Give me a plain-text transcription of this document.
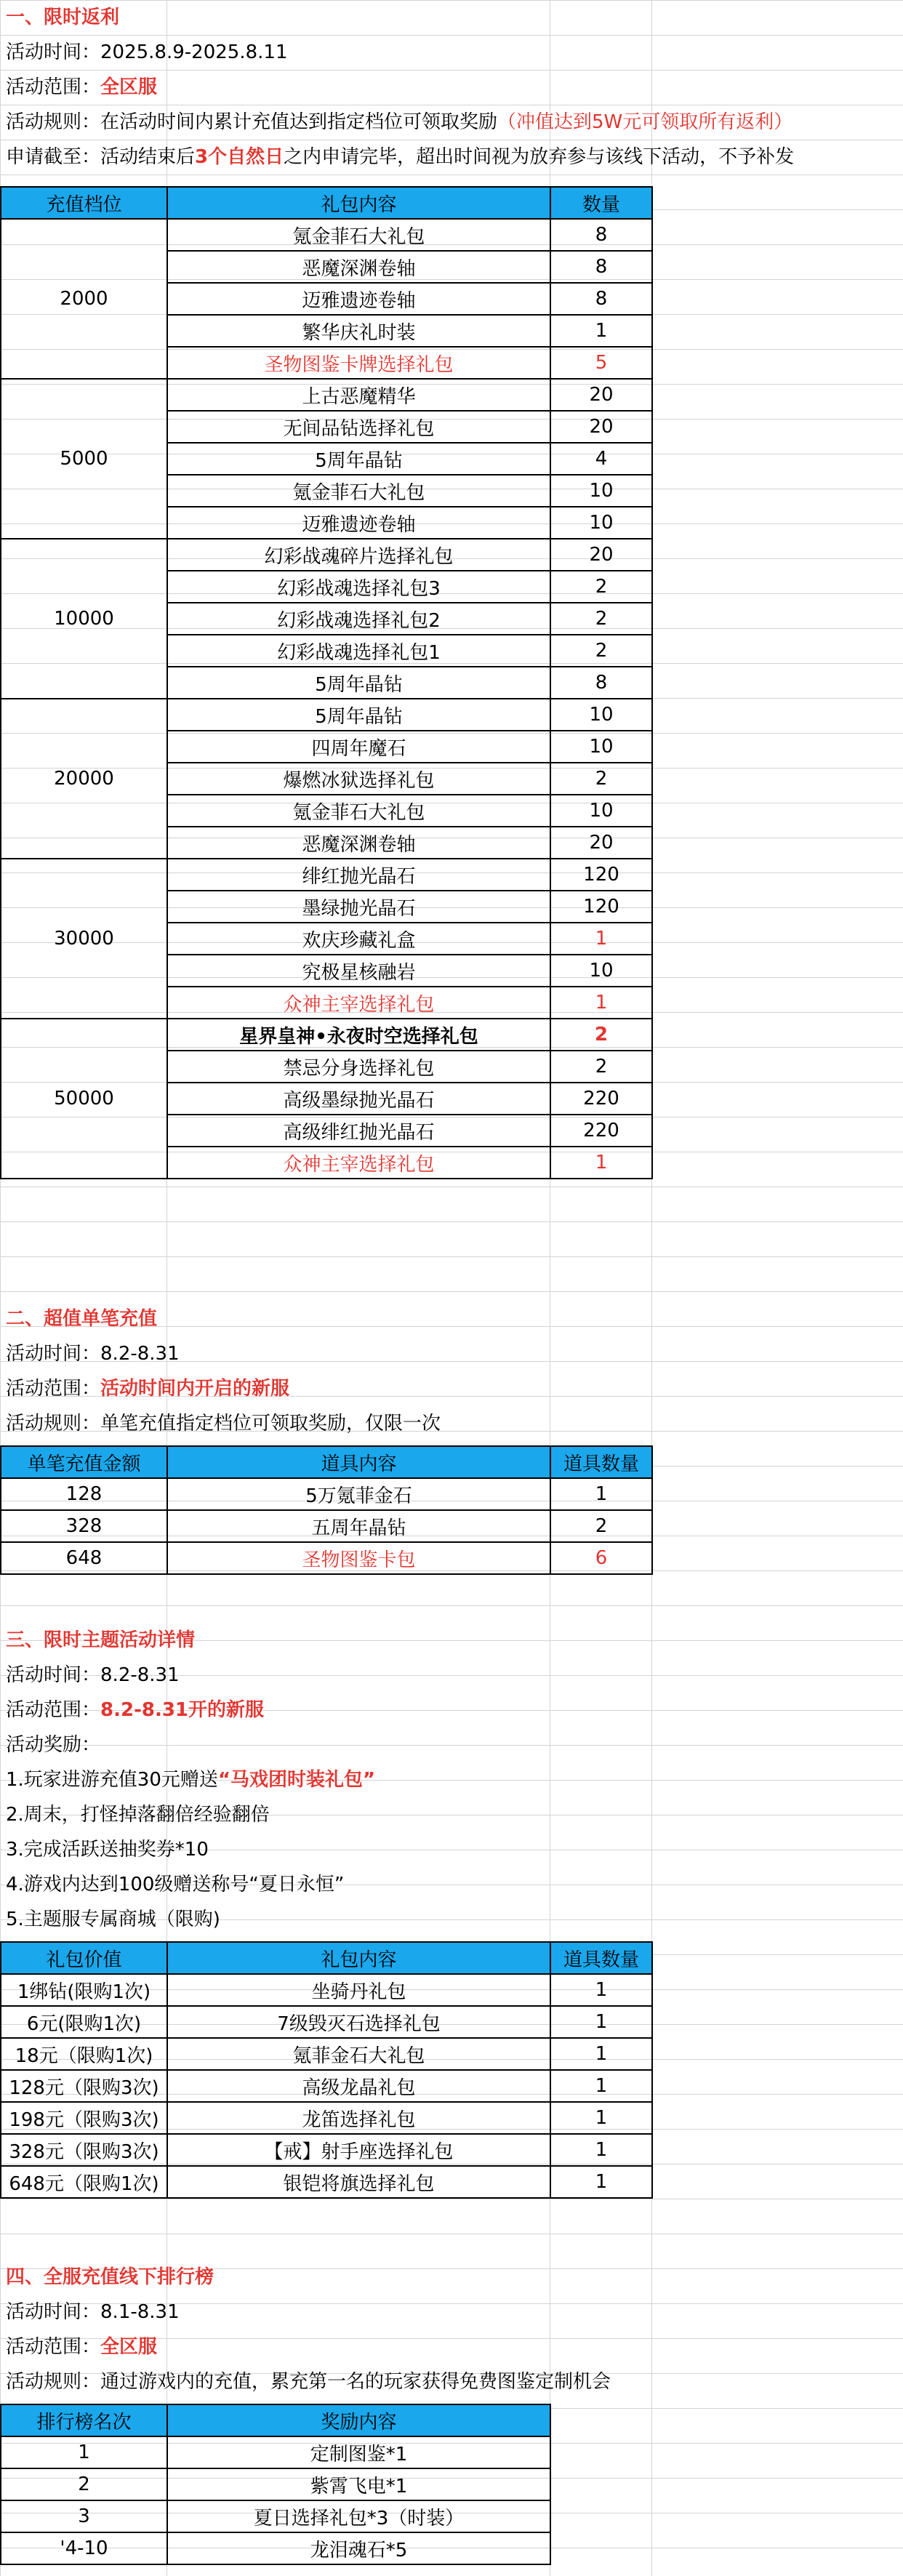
一、限时返利
活动时间：2025.8.9-2025.8.11
活动范围：全区服
活动规则：在活动时间内累计充值达到指定档位可领取奖励（冲值达到5W元可领取所有返利）
申请截至：活动结束后3个自然日之内申请完毕，超出时间视为放弃参与该线下活动，不予补发
充值档位	礼包内容	数量
2000	氪金菲石大礼包	8
	恶魔深渊卷轴	8
	迈雅遗迹卷轴	8
	繁华庆礼时装	1
	圣物图鉴卡牌选择礼包	5
5000	上古恶魔精华	20
	无间品钻选择礼包	20
	5周年晶钻	4
	氪金菲石大礼包	10
	迈雅遗迹卷轴	10
10000	幻彩战魂碎片选择礼包	20
	幻彩战魂选择礼包3	2
	幻彩战魂选择礼包2	2
	幻彩战魂选择礼包1	2
	5周年晶钻	8
20000	5周年晶钻	10
	四周年魔石	10
	爆燃冰狱选择礼包	2
	氪金菲石大礼包	10
	恶魔深渊卷轴	20
30000	绯红抛光晶石	120
	墨绿抛光晶石	120
	欢庆珍藏礼盒	1
	究极星核融岩	10
	众神主宰选择礼包	1
50000	星界皇神•永夜时空选择礼包	2
	禁忌分身选择礼包	2
	高级墨绿抛光晶石	220
	高级绯红抛光晶石	220
	众神主宰选择礼包	1
二、超值单笔充值
活动时间：8.2-8.31
活动范围：活动时间内开启的新服
活动规则：单笔充值指定档位可领取奖励，仅限一次
单笔充值金额	道具内容	道具数量
128	5万氪菲金石	1
328	五周年晶钻	2
648	圣物图鉴卡包	6
三、限时主题活动详情
活动时间：8.2-8.31
活动范围：8.2-8.31开的新服
活动奖励：
1.玩家进游充值30元赠送“马戏团时装礼包”
2.周末，打怪掉落翻倍经验翻倍
3.完成活跃送抽奖券*10
4.游戏内达到100级赠送称号“夏日永恒”
5.主题服专属商城（限购)
礼包价值	礼包内容	道具数量
1绑钻(限购1次)	坐骑丹礼包	1
6元(限购1次)	7级毁灭石选择礼包	1
18元（限购1次)	氪菲金石大礼包	1
128元（限购3次)	高级龙晶礼包	1
198元（限购3次)	龙笛选择礼包	1
328元（限购3次)	【戒】射手座选择礼包	1
648元（限购1次)	银铠将旗选择礼包	1
四、全服充值线下排行榜
活动时间：8.1-8.31
活动范围：全区服
活动规则：通过游戏内的充值，累充第一名的玩家获得免费图鉴定制机会
排行榜名次	奖励内容
1	定制图鉴*1
2	紫霄飞电*1
3	夏日选择礼包*3（时装）
'4-10	龙泪魂石*5
